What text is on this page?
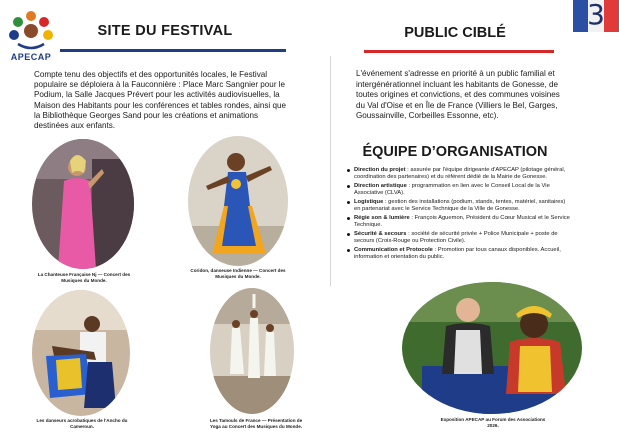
APECAP
3
SITE DU FESTIVAL
Compte tenu des objectifs et des opportunités locales, le Festival
populaire se déploiera à la Fauconnière : Place Marc Sangnier pour le
Podium, la Salle Jacques Prévert pour les activités audiovisuelles, la
Maison des Habitants pour les conférences et tables rondes, ainsi que
la Bibliothèque Georges Sand pour les créations et animations
destinées aux enfants.
PUBLIC CIBLÉ
L'événement s'adresse en priorité à un public familial et
intergénérationnel incluant les habitants de Gonesse, de
toutes origines et convictions, et des communes voisines
du Val d'Oise et en Île de France (Villiers le Bel, Garges,
Goussainville, Corbeilles Essonne, etc).
ÉQUIPE D’ORGANISATION
Direction du projet : assurée par l'équipe dirigeante d'APECAP (pilotage général,
coordination des partenaires) et du référent dédié de la Mairie de Gonesse.
Direction artistique : programmation en lien avec le Conseil Local de la Vie
Associative (CLVA).
Logistique : gestion des installations (podium, stands, tentes, matériel, sanitaires)
en partenariat avec le Service Technique de la Ville de Gonesse.
Régie son & lumière : François Aguemon, Président du Cœur Musical et le Service
Technique.
Sécurité & secours : société de sécurité privée + Police Municipale + poste de
secours (Croix-Rouge ou Protection Civile).
Communication et Protocole : Promotion par tous canaux disponibles. Accueil,
information et orientation du public.
La Chanteuse Française Nj — Concert des
Musiques du Monde.
Coridon, danseuse Indienne — Concert des
Musiques du Monde.
Les danseurs acrobatiques de l'Ancho du
Cameroun.
Les Tamouls de France — Présentation de
Yoga au Concert des Musiques du Monde.
Exposition APECAP au Forum des Associations
2026.
